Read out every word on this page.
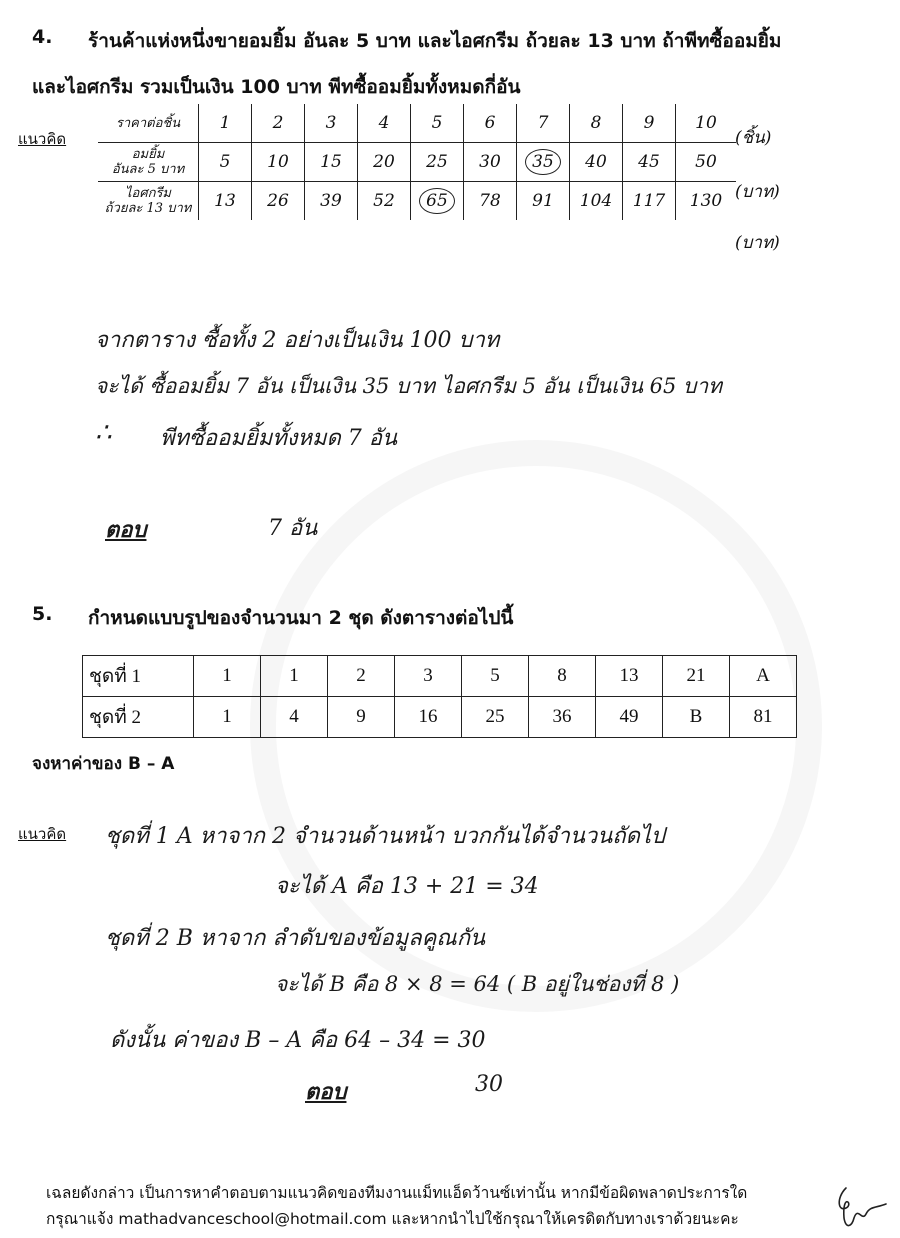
4. ร้านค้าแห่งหนึ่งขายอมยิ้ม อันละ 5 บาท และไอศกรีม ถ้วยละ 13 บาท ถ้าพีทซื้ออมยิ้ม
และไอศกรีม รวมเป็นเงิน 100 บาท พีทซื้ออมยิ้มทั้งหมดกี่อัน
แนวคิด
ราคาต่อชิ้น	1	2	3	4	5	6	7	8	9	10

อมยิ้ม
อันละ 5 บาท	5	10	15	20	25	30	35	40	45	50

ไอศกรีม
ถ้วยละ 13 บาท	13	26	39	52	65	78	91	104	117	130
(ชิ้น)
(บาท)
(บาท)
จากตาราง ซื้อทั้ง 2 อย่างเป็นเงิน 100 บาท
จะได้ ซื้ออมยิ้ม 7 อัน เป็นเงิน 35 บาท ไอศกรีม 5 อัน เป็นเงิน 65 บาท
∴ พีทซื้ออมยิ้มทั้งหมด 7 อัน
ตอบ	7 อัน
5. กำหนดแบบรูปของจำนวนมา 2 ชุด ดังตารางต่อไปนี้
ชุดที่ 1	1	1	2	3	5	8	13	21	A
ชุดที่ 2	1	4	9	16	25	36	49	B	81
จงหาค่าของ B – A
แนวคิด ชุดที่ 1 A หาจาก 2 จำนวนด้านหน้า บวกกันได้จำนวนถัดไป
จะได้ A คือ 13 + 21 = 34
ชุดที่ 2 B หาจาก ลำดับของข้อมูลคูณกัน
จะได้ B คือ 8 × 8 = 64 ( B อยู่ในช่องที่ 8 )
ดังนั้น ค่าของ B – A คือ 64 – 34 = 30
ตอบ	30
เฉลยดังกล่าว เป็นการหาคำตอบตามแนวคิดของทีมงานแม็ทแอ็ดว้านซ์เท่านั้น หากมีข้อผิดพลาดประการใด
กรุณาแจ้ง mathadvanceschool@hotmail.com และหากนำไปใช้กรุณาให้เครดิตกับทางเราด้วยนะคะ
